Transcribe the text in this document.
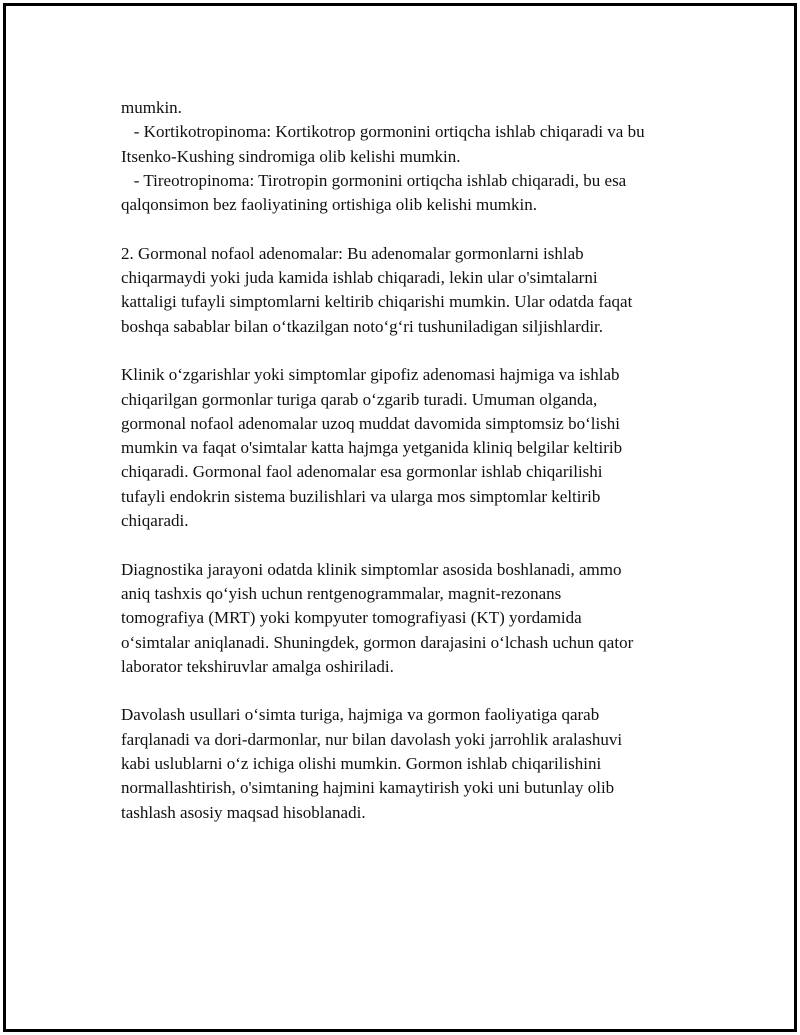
mumkin.
- Kortikotropinoma: Kortikotrop gormonini ortiqcha ishlab chiqaradi va bu
Itsenko-Kushing sindromiga olib kelishi mumkin.
- Tireotropinoma: Tirotropin gormonini ortiqcha ishlab chiqaradi, bu esa
qalqonsimon bez faoliyatining ortishiga olib kelishi mumkin.

2. Gormonal nofaol adenomalar: Bu adenomalar gormonlarni ishlab
chiqarmaydi yoki juda kamida ishlab chiqaradi, lekin ular o'simtalarni
kattaligi tufayli simptomlarni keltirib chiqarishi mumkin. Ular odatda faqat
boshqa sabablar bilan o‘tkazilgan noto‘g‘ri tushuniladigan siljishlardir.

Klinik o‘zgarishlar yoki simptomlar gipofiz adenomasi hajmiga va ishlab
chiqarilgan gormonlar turiga qarab o‘zgarib turadi. Umuman olganda,
gormonal nofaol adenomalar uzoq muddat davomida simptomsiz bo‘lishi
mumkin va faqat o'simtalar katta hajmga yetganida kliniq belgilar keltirib
chiqaradi. Gormonal faol adenomalar esa gormonlar ishlab chiqarilishi
tufayli endokrin sistema buzilishlari va ularga mos simptomlar keltirib
chiqaradi.

Diagnostika jarayoni odatda klinik simptomlar asosida boshlanadi, ammo
aniq tashxis qo‘yish uchun rentgenogrammalar, magnit-rezonans
tomografiya (MRT) yoki kompyuter tomografiyasi (KT) yordamida
o‘simtalar aniqlanadi. Shuningdek, gormon darajasini o‘lchash uchun qator
laborator tekshiruvlar amalga oshiriladi.

Davolash usullari o‘simta turiga, hajmiga va gormon faoliyatiga qarab
farqlanadi va dori-darmonlar, nur bilan davolash yoki jarrohlik aralashuvi
kabi uslublarni o‘z ichiga olishi mumkin. Gormon ishlab chiqarilishini
normallashtirish, o'simtaning hajmini kamaytirish yoki uni butunlay olib
tashlash asosiy maqsad hisoblanadi.
